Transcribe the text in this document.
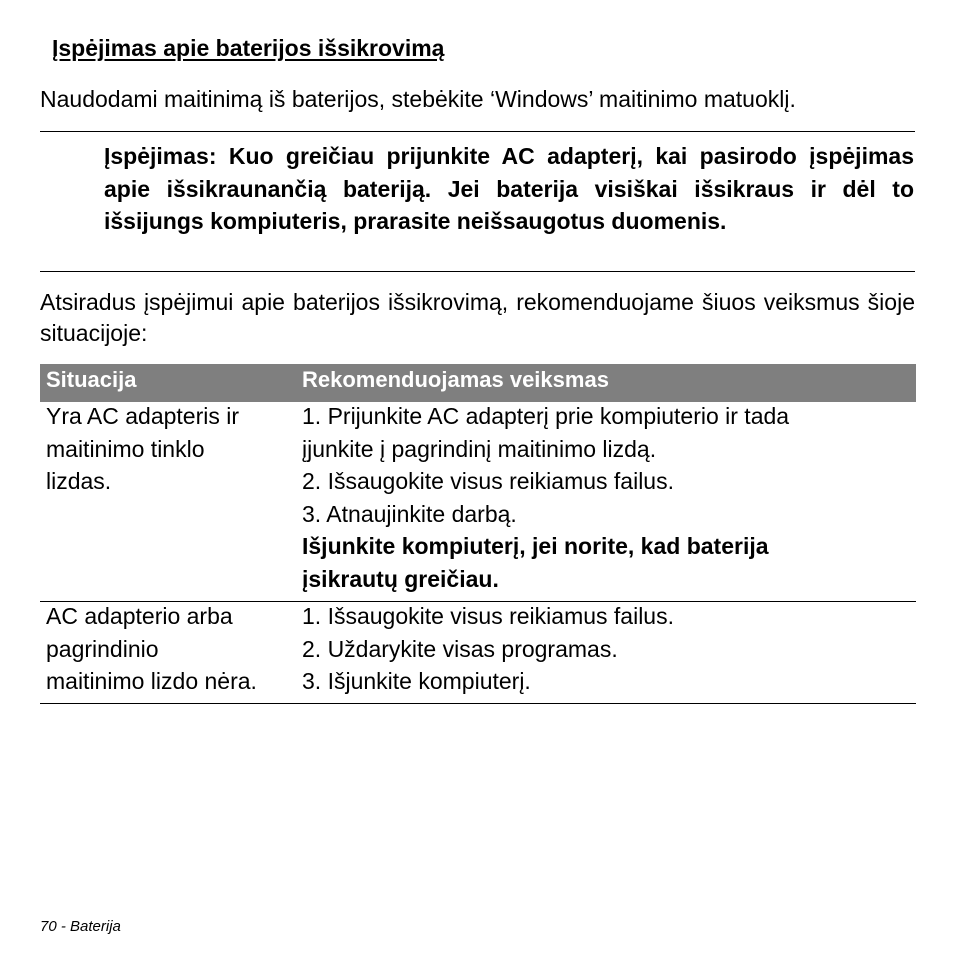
Įspėjimas apie baterijos išsikrovimą

Naudodami maitinimą iš baterijos, stebėkite ‘Windows’ maitinimo matuoklį.

Įspėjimas: Kuo greičiau prijunkite AC adapterį, kai pasirodo įspėjimas apie išsikraunančią bateriją. Jei baterija visiškai išsikraus ir dėl to išsijungs kompiuteris, prarasite neišsaugotus duomenis.

Atsiradus įspėjimui apie baterijos išsikrovimą, rekomenduojame šiuos veiksmus šioje situacijoje:

Situacija	Rekomenduojamas veiksmas
Yra AC adapteris ir
maitinimo tinklo
lizdas.
1. Prijunkite AC adapterį prie kompiuterio ir tada
įjunkite į pagrindinį maitinimo lizdą.
2. Išsaugokite visus reikiamus failus.
3. Atnaujinkite darbą.
Išjunkite kompiuterį, jei norite, kad baterija
įsikrautų greičiau.
AC adapterio arba
pagrindinio
maitinimo lizdo nėra.
1. Išsaugokite visus reikiamus failus.
2. Uždarykite visas programas.
3. Išjunkite kompiuterį.

70 - Baterija
